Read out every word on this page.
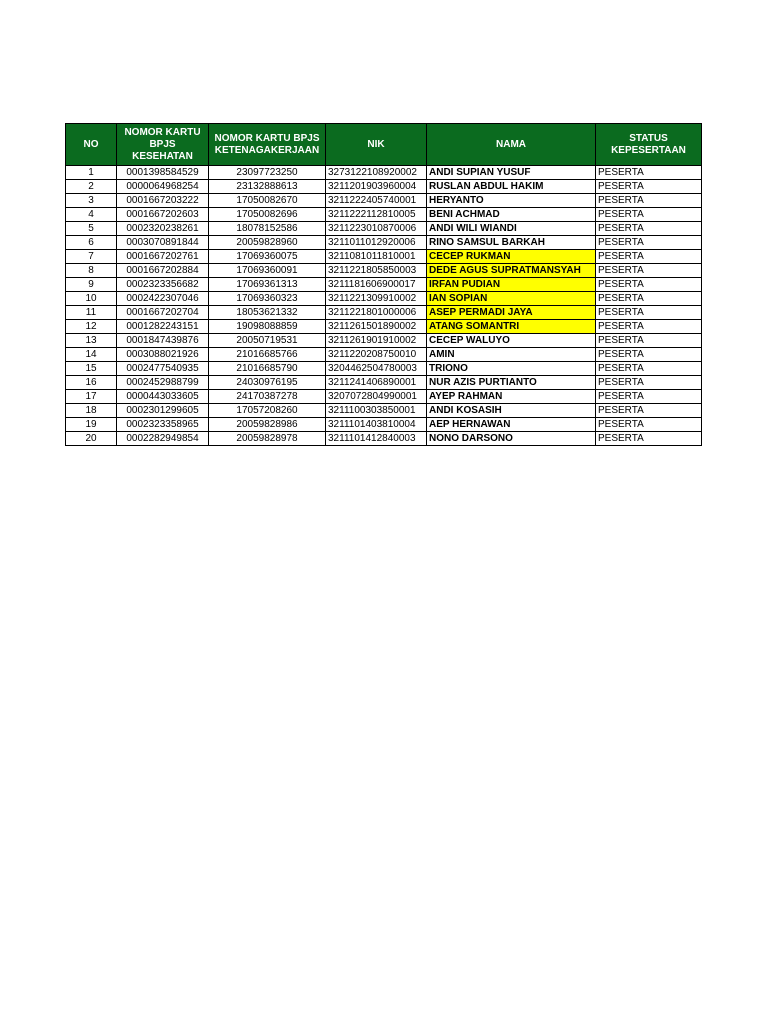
NO	NOMOR KARTU BPJS KESEHATAN	NOMOR KARTU BPJS KETENAGAKERJAAN	NIK	NAMA	STATUS KEPESERTAAN
1	0001398584529	23097723250	3273122108920002	ANDI SUPIAN YUSUF	PESERTA
2	0000064968254	23132888613	3211201903960004	RUSLAN ABDUL HAKIM	PESERTA
3	0001667203222	17050082670	3211222405740001	HERYANTO	PESERTA
4	0001667202603	17050082696	3211222112810005	BENI ACHMAD	PESERTA
5	0002320238261	18078152586	3211223010870006	ANDI WILI WIANDI	PESERTA
6	0003070891844	20059828960	3211011012920006	RINO SAMSUL BARKAH	PESERTA
7	0001667202761	17069360075	3211081011810001	CECEP RUKMAN	PESERTA
8	0001667202884	17069360091	3211221805850003	DEDE AGUS SUPRATMANSYAH	PESERTA
9	0002323356682	17069361313	3211181606900017	IRFAN PUDIAN	PESERTA
10	0002422307046	17069360323	3211221309910002	IAN SOPIAN	PESERTA
11	0001667202704	18053621332	3211221801000006	ASEP PERMADI JAYA	PESERTA
12	0001282243151	19098088859	3211261501890002	ATANG SOMANTRI	PESERTA
13	0001847439876	20050719531	3211261901910002	CECEP WALUYO	PESERTA
14	0003088021926	21016685766	3211220208750010	AMIN	PESERTA
15	0002477540935	21016685790	3204462504780003	TRIONO	PESERTA
16	0002452988799	24030976195	3211241406890001	NUR AZIS PURTIANTO	PESERTA
17	0000443033605	24170387278	3207072804990001	AYEP RAHMAN	PESERTA
18	0002301299605	17057208260	3211100303850001	ANDI KOSASIH	PESERTA
19	0002323358965	20059828986	3211101403810004	AEP HERNAWAN	PESERTA
20	0002282949854	20059828978	3211101412840003	NONO DARSONO	PESERTA
